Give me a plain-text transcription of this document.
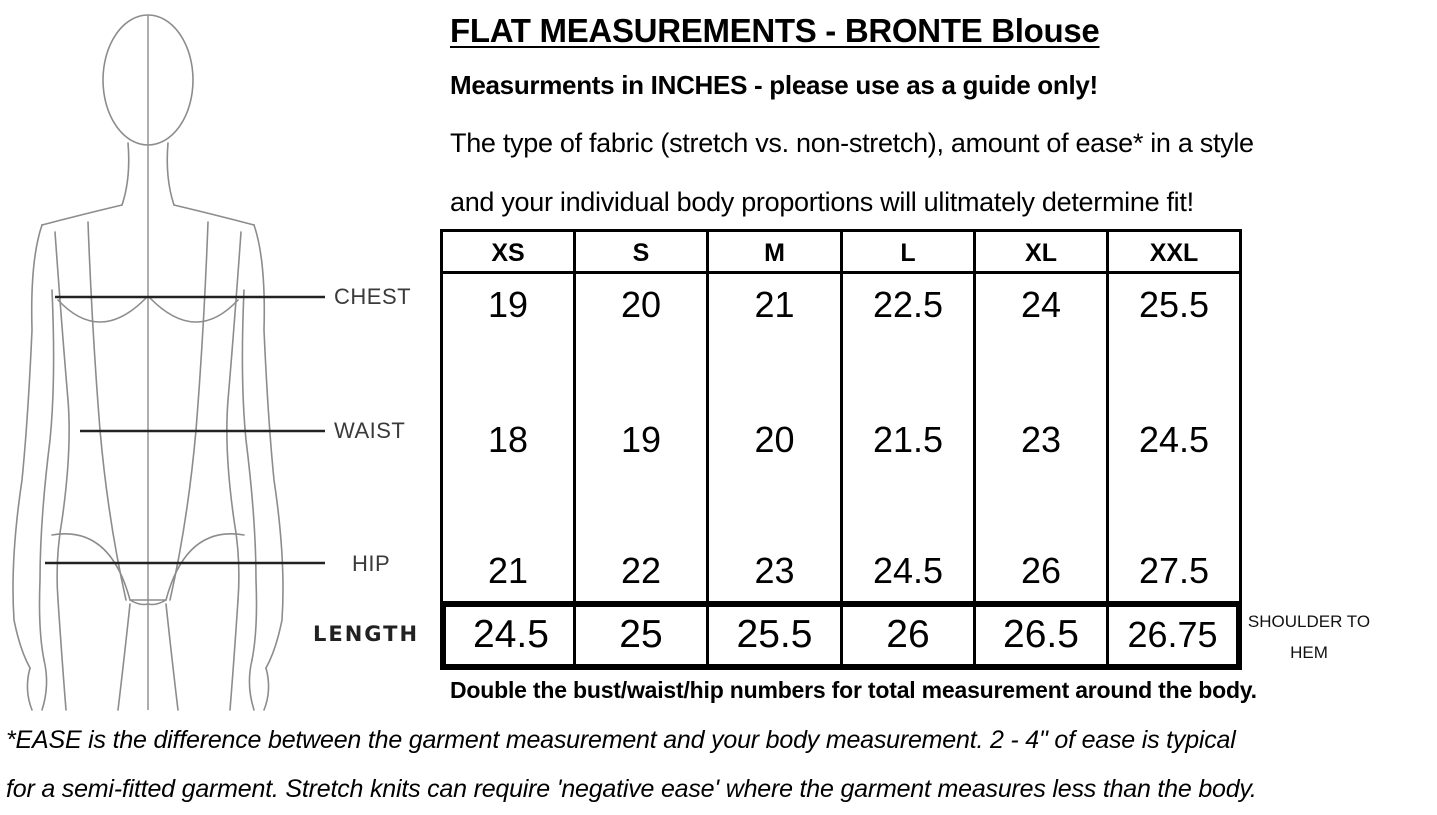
CHEST
WAIST
HIP
LENGTH
FLAT MEASUREMENTS - BRONTE Blouse
Measurments in INCHES - please use as a guide only!
The type of fabric (stretch vs. non-stretch), amount of ease* in a style
and your individual body proportions will ulitmately determine fit!
XS	S	M	L	XL	XXL
19	20	21	22.5	24	25.5
18	19	20	21.5	23	24.5
21	22	23	24.5	26	27.5
24.5	25	25.5	26	26.5	26.75	SHOULDER TO
HEM
Double the bust/waist/hip numbers for total measurement around the body.
*EASE is the difference between the garment measurement and your body measurement. 2 - 4" of ease is typical
for a semi-fitted garment. Stretch knits can require 'negative ease' where the garment measures less than the body.
